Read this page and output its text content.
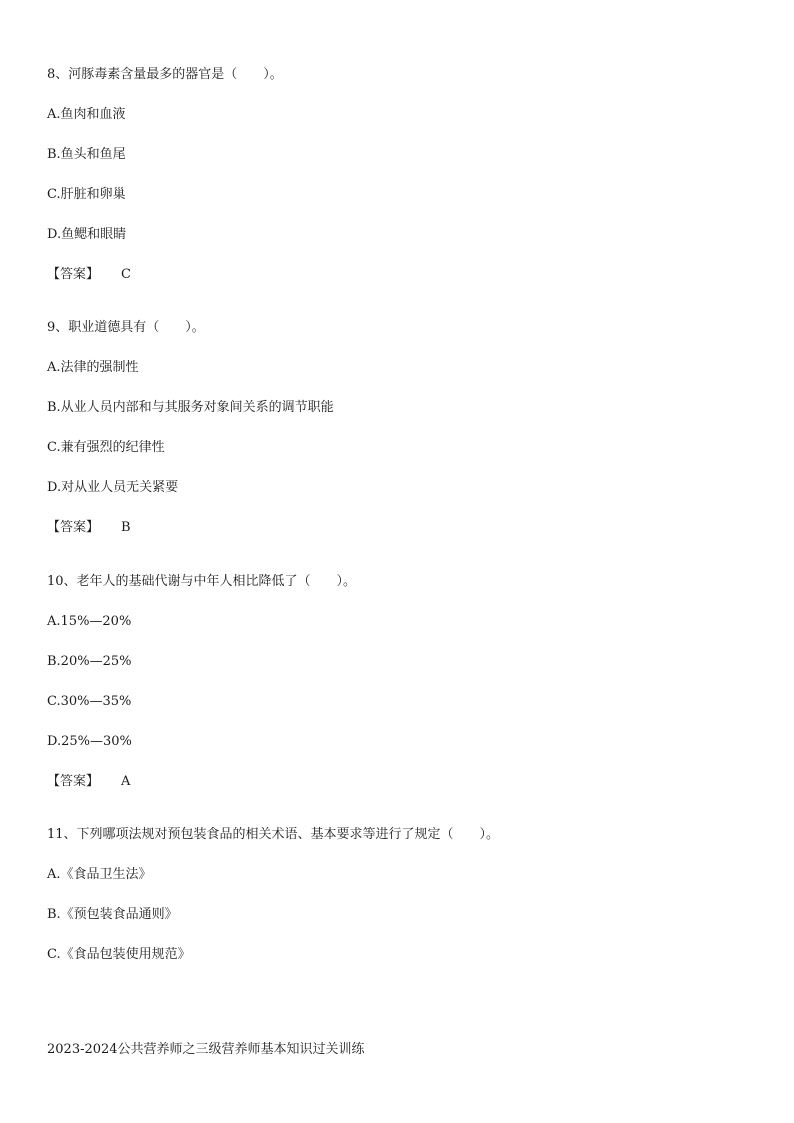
8、河豚毒素含量最多的器官是（　　）。
A.鱼肉和血液
B.鱼头和鱼尾
C.肝脏和卵巢
D.鱼鳃和眼睛
【答案】 C
9、职业道德具有（　　）。
A.法律的强制性
B.从业人员内部和与其服务对象间关系的调节职能
C.兼有强烈的纪律性
D.对从业人员无关紧要
【答案】 B
10、老年人的基础代谢与中年人相比降低了（　　）。
A.15%—20%
B.20%—25%
C.30%—35%
D.25%—30%
【答案】 A
11、下列哪项法规对预包装食品的相关术语、基本要求等进行了规定（　　）。
A.《食品卫生法》
B.《预包装食品通则》
C.《食品包装使用规范》
2023-2024公共营养师之三级营养师基本知识过关训练
